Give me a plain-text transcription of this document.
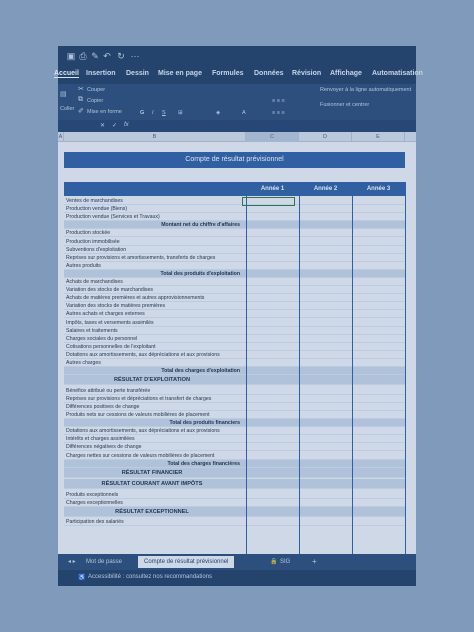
▣ ⎙ ✎ ↶ ↻ ···
Accueil Insertion Dessin Mise en page Formules Données Révision Affichage Automatisation
▤
Coller
✂ Couper
⧉ Copier
✐ Mise en forme	G I S ⊞	◈	A
≡ ≡ ≡
≡ ≡ ≡
Renvoyer à la ligne automatiquement
Fusionner et centrer
✕ ✓ fx
A	B	C	D	E
Compte de résultat prévisionnel
Année 1	Année 2	Année 3
Ventes de marchandises
Production vendue (Biens)
Production vendue (Services et Travaux)
Montant net du chiffre d'affaires
Production stockée
Production immobilisée
Subventions d'exploitation
Reprises sur provisions et amortissements, transferts de charges
Autres produits
Total des produits d'exploitation
Achats de marchandises
Variation des stocks de marchandises
Achats de matières premières et autres approvisionnements
Variation des stocks de matières premières
Autres achats et charges externes
Impôts, taxes et versements assimilés
Salaires et traitements
Charges sociales du personnel
Cotisations personnelles de l'exploitant
Dotations aux amortissements, aux dépréciations et aux provisions
Autres charges
Total des charges d'exploitation
RÉSULTAT D'EXPLOITATION
Bénéfice attribué ou perte transférée
Reprises sur provisions et dépréciations et transfert de charges
Différences positives de change
Produits nets sur cessions de valeurs mobilières de placement
Total des produits financiers
Dotations aux amortissements, aux dépréciations et aux provisions
Intérêts et charges assimilées
Différences négatives de change
Charges nettes sur cessions de valeurs mobilières de placement
Total des charges financières
RÉSULTAT FINANCIER
RÉSULTAT COURANT AVANT IMPÔTS
Produits exceptionnels
Charges exceptionnelles
RÉSULTAT EXCEPTIONNEL
Participation des salariés
◂ ▸	Mot de passe	Compte de résultat prévisionnel	🔒 SIG	+
♿ Accessibilité : consultez nos recommandations
